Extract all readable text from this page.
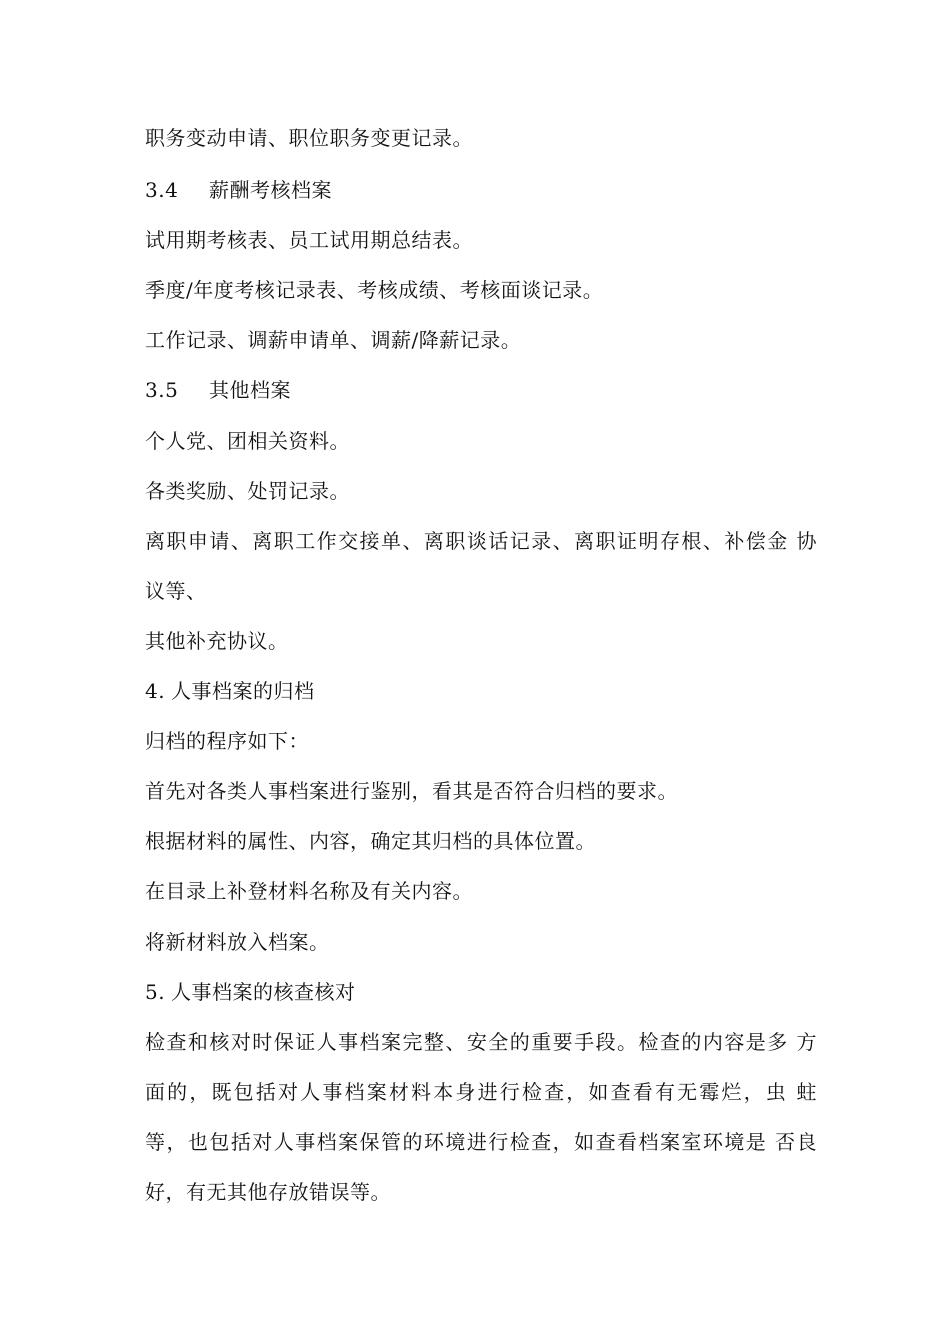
职务变动申请、职位职务变更记录。
3.4 薪酬考核档案
试用期考核表、员工试用期总结表。
季度/年度考核记录表、考核成绩、考核面谈记录。
工作记录、调薪申请单、调薪/降薪记录。
3.5 其他档案
个人党、团相关资料。
各类奖励、处罚记录。
离职申请、离职工作交接单、离职谈话记录、离职证明存根、补偿金 协
议等、
其他补充协议。
4. 人事档案的归档
归档的程序如下：
首先对各类人事档案进行鉴别，看其是否符合归档的要求。
根据材料的属性、内容，确定其归档的具体位置。
在目录上补登材料名称及有关内容。
将新材料放入档案。
5. 人事档案的核查核对
检查和核对时保证人事档案完整、安全的重要手段。检查的内容是多 方
面的，既包括对人事档案材料本身进行检查，如查看有无霉烂，虫 蛀
等，也包括对人事档案保管的环境进行检查，如查看档案室环境是 否良
好，有无其他存放错误等。
